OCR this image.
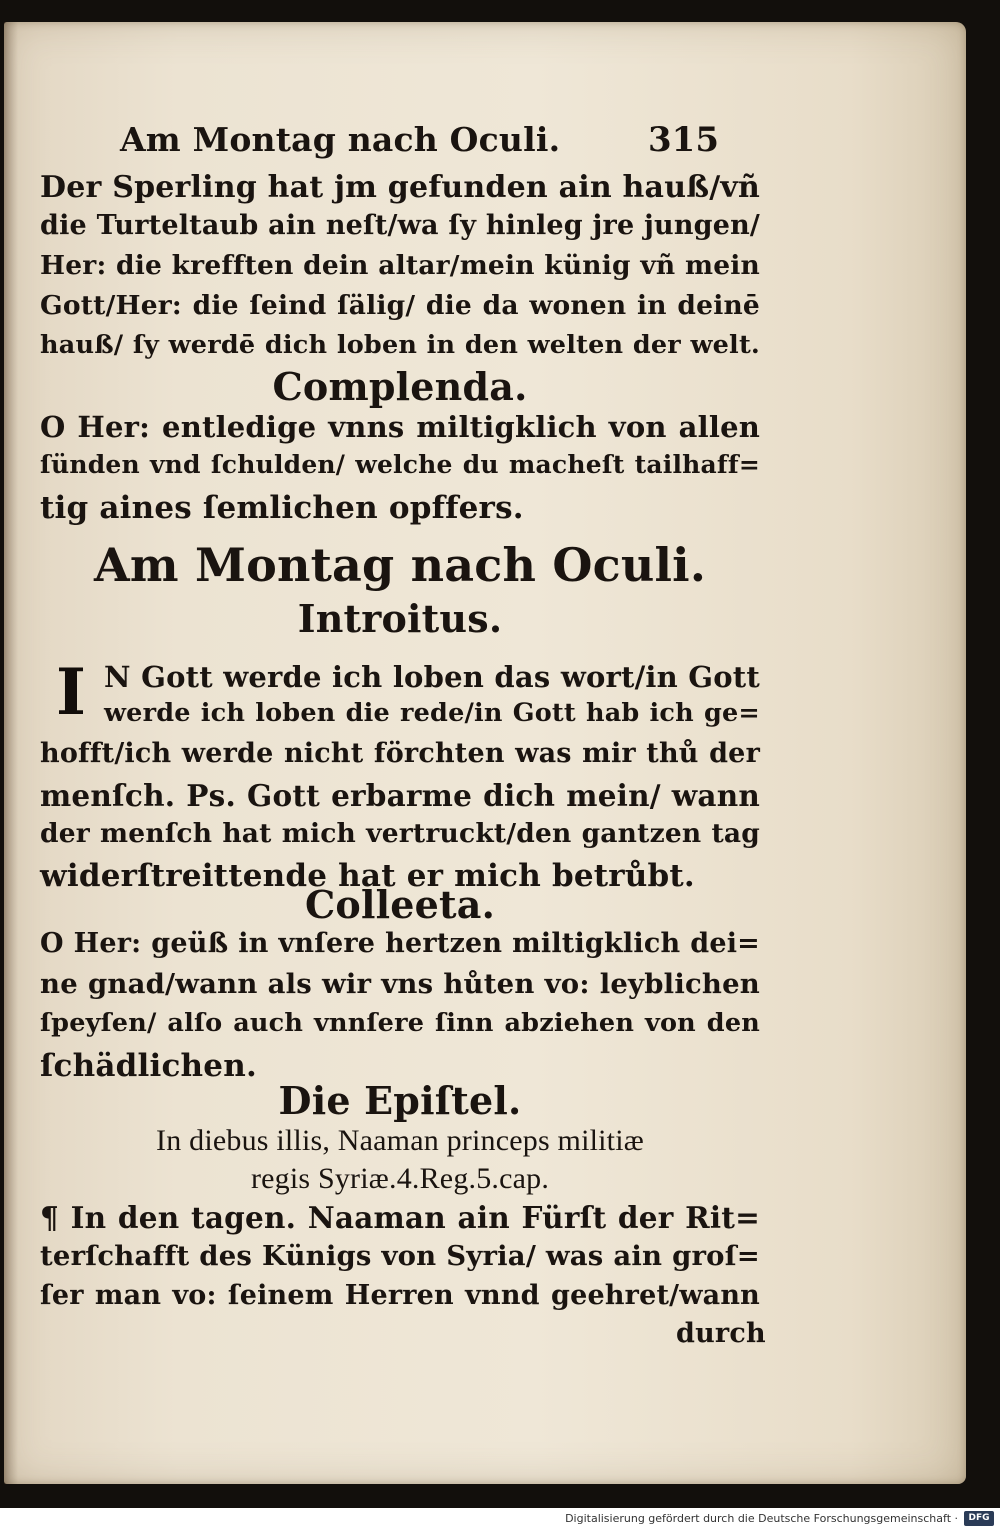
Am Montag nach Oculi.	315
Der Sperling hat jm gefunden ain hauß/vñ
die Turteltaub ain neſt/wa ſy hinleg jre jungen/
Her: die krefften dein altar/mein künig vñ mein
Gott/Her: die ſeind ſälig/ die da wonen in deinē
hauß/ ſy werdē dich loben in den welten der welt.
Complenda.
O Her: entledige vnns miltigklich von allen
ſünden vnd ſchulden/ welche du macheſt tailhaff=
tig aines ſemlichen opffers.
Am Montag nach Oculi.
Introitus.
I N Gott werde ich loben das wort/in Gott
werde ich loben die rede/in Gott hab ich ge=
hofft/ich werde nicht förchten was mir thů der
menſch. Ps. Gott erbarme dich mein/ wann
der menſch hat mich vertruckt/den gantzen tag
widerſtreittende hat er mich betrůbt.
Colleeta.
O Her: geüß in vnſere hertzen miltigklich dei=
ne gnad/wann als wir vns hůten vo: leyblichen
ſpeyſen/ alſo auch vnnſere ſinn abziehen von den
ſchädlichen.
Die Epiſtel.
In diebus illis, Naaman princeps militiæ
regis Syriæ.4.Reg.5.cap.
¶ In den tagen. Naaman ain Fürſt der Rit=
terſchafft des Künigs von Syria/ was ain groſ=
ſer man vo: ſeinem Herren vnnd geehret/wann
durch
Digitalisierung gefördert durch die Deutsche Forschungsgemeinschaft ·	DFG
